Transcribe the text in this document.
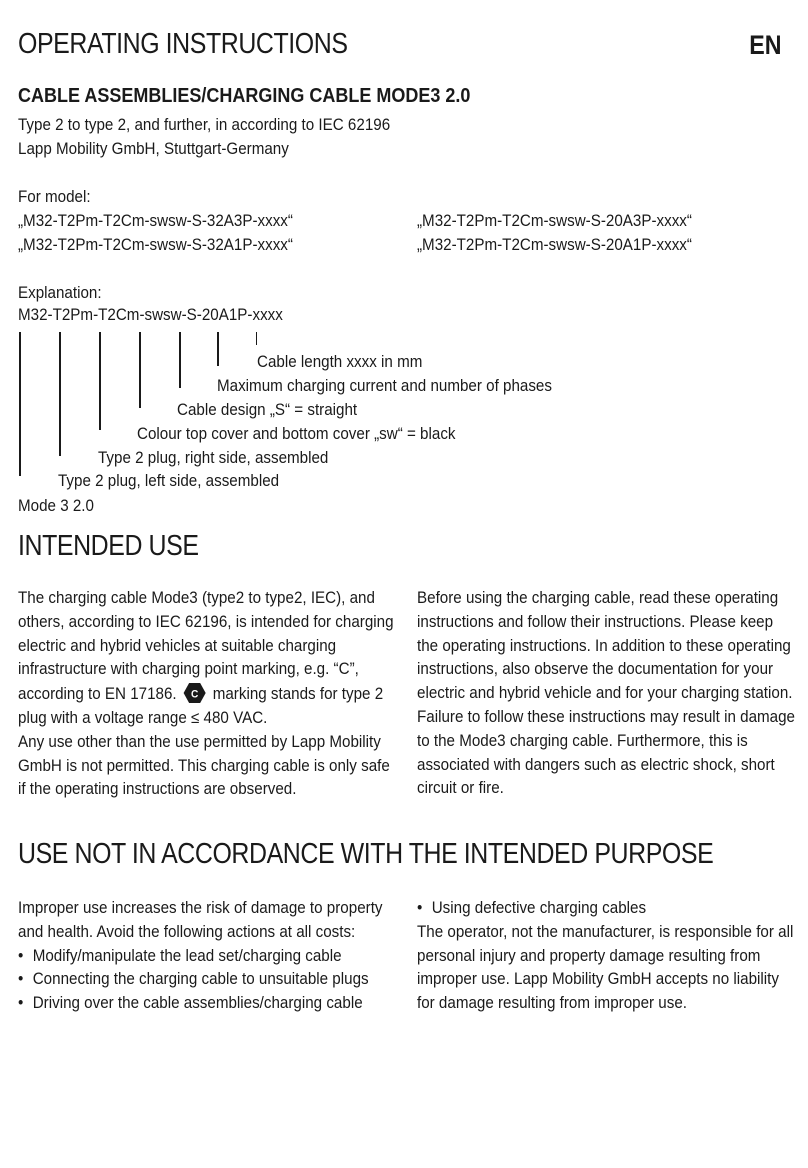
OPERATING INSTRUCTIONS	EN
CABLE ASSEMBLIES/CHARGING CABLE MODE3 2.0
Type 2 to type 2, and further, in according to IEC 62196
Lapp Mobility GmbH, Stuttgart-Germany
For model:
„M32-T2Pm-T2Cm-swsw-S-32A3P-xxxx“
„M32-T2Pm-T2Cm-swsw-S-32A1P-xxxx“
„M32-T2Pm-T2Cm-swsw-S-20A3P-xxxx“
„M32-T2Pm-T2Cm-swsw-S-20A1P-xxxx“
Explanation:
M32-T2Pm-T2Cm-swsw-S-20A1P-xxxx
Cable length xxxx in mm
Maximum charging current and number of phases
Cable design „S“ = straight
Colour top cover and bottom cover „sw“ = black
Type 2 plug, right side, assembled
Type 2 plug, left side, assembled
Mode 3 2.0
INTENDED USE

The charging cable Mode3 (type2 to type2, IEC), and others, according to IEC 62196, is intended for charging electric and hybrid vehicles at suitable charging infrastructure with charging point marking, e.g. “C”, according to EN 17186. C marking stands for type 2 plug with a voltage range ≤ 480 VAC.

Any use other than the use permitted by Lapp Mobility GmbH is not permitted. This charging cable is only safe if the operating instructions are observed.

Before using the charging cable, read these operating instructions and follow their instructions. Please keep the operating instructions. In addition to these operating instructions, also observe the documentation for your electric and hybrid vehicle and for your charging station. Failure to follow these instructions may result in damage to the Mode3 charging cable. Furthermore, this is associated with dangers such as electric shock, short circuit or fire.

USE NOT IN ACCORDANCE WITH THE INTENDED PURPOSE

Improper use increases the risk of damage to property and health. Avoid the following actions at all costs:

• Modify/manipulate the lead set/charging cable

• Connecting the charging cable to unsuitable plugs

• Driving over the cable assemblies/charging cable

• Using defective charging cables

The operator, not the manufacturer, is responsible for all personal injury and property damage resulting from improper use. Lapp Mobility GmbH accepts no liability for damage resulting from improper use.
